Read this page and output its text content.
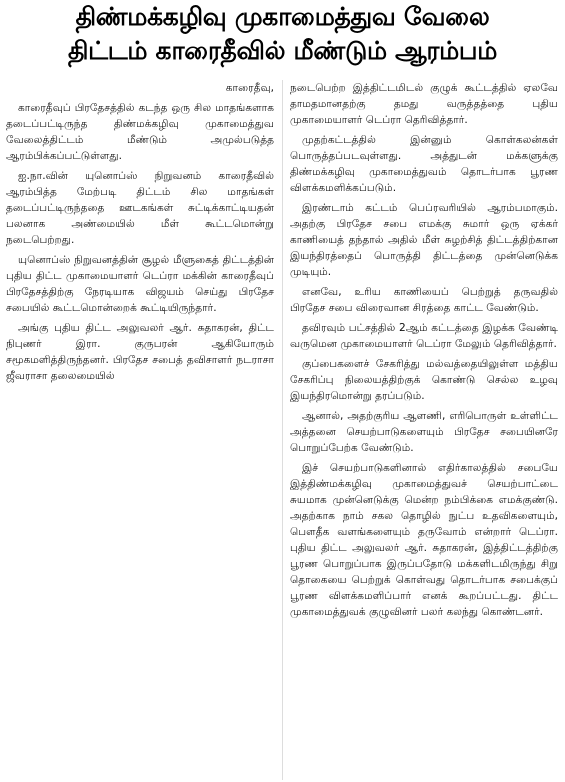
திண்மக்கழிவு முகாமைத்துவ வேலை
திட்டம் காரைதீவில் மீண்டும் ஆரம்பம்

காரைதீவு,

காரைதீவுப் பிரதேசத்தில் கடந்த ஒரு சில மாதங்களாக தடைப்பட்டிருந்த திண்மக்கழிவு முகாமைத்துவ வேலைத்திட்டம் மீண்டும் அமுல்படுத்த ஆரம்பிக்கப்பட்டுள்ளது.

ஐ.நா.வின் யுனொப்ஸ் நிறுவனம் காரைதீவில் ஆரம்பித்த மேற்படி திட்டம் சில மாதங்கள் தடைப்பட்டிருந்ததை ஊடகங்கள் சுட்டிக்காட்டியதன் பலனாக அண்மையில் மீள் கூட்டமொன்று நடைபெற்றது.

யுனொப்ஸ் நிறுவனத்தின் சூழல் மீளுகைத் திட்டத்தின் புதிய திட்ட முகாமையாளர் டெப்ரா மக்கின் காரைதீவுப் பிரதேசத்திற்கு நேரடியாக விஜயம் செய்து பிரதேச சபையில் கூட்டமொன்றைக் கூட்டியிருந்தார்.

அங்கு புதிய திட்ட அலுவலர் ஆர். சுதாகரன், திட்ட நிபுணர் இரா. குருபரன் ஆகியோரும் சமூகமளித்திருந்தனர். பிரதேச சபைத் தவிசாளர் நடராசா ஜீவராசா தலைமையில்

நடைபெற்ற இத்திட்டமிடல் குழுக் கூட்டத்தில் ஏலவே தாமதமானதற்கு தமது வருத்தத்தை புதிய முகாமையாளர் டெப்ரா தெரிவித்தார்.

முதற்கட்டத்தில் இன்னும் கொள்கலன்கள் பொருத்தப்படவுள்ளது. அத்துடன் மக்களுக்கு திண்மக்கழிவு முகாமைத்துவம் தொடர்பாக பூரண விளக்கமளிக்கப்படும்.

இரண்டாம் கட்டம் பெப்ரவரியில் ஆரம்பமாகும். அதற்கு பிரதேச சபை எமக்கு சுமார் ஒரு ஏக்கர் காணியைத் தந்தால் அதில் மீள் சுழற்சித் திட்டத்திற்கான இயந்திரத்தைப் பொருத்தி திட்டத்தை முன்னெடுக்க முடியும்.

எனவே, உரிய காணியைப் பெற்றுத் தருவதில் பிரதேச சபை விரைவான சிரத்தை காட்ட வேண்டும்.

தவிரவும் பட்சத்தில் 2ஆம் கட்டத்தை இழக்க வேண்டி வருமென முகாமையாளர் டெப்ரா மேலும் தெரிவித்தார்.

குப்பைகளைச் சேகரித்து மல்வத்தையிலுள்ள மத்திய சேகரிப்பு நிலையத்திற்குக் கொண்டு செல்ல உழவு இயந்திரமொன்று தரப்படும்.

ஆனால், அதற்குரிய ஆளணி, எரிபொருள் உள்ளிட்ட அத்தனை செயற்பாடுகளையும் பிரதேச சபையினரே பொறுப்பேற்க வேண்டும்.

இச் செயற்பாடுகளினால் எதிர்காலத்தில் சபையே இத்திண்மக்கழிவு முகாமைத்துவச் செயற்பாட்டை சுயமாக முன்னெடுக்கு மென்ற நம்பிக்கை எமக்குண்டு. அதற்காக நாம் சகல தொழில் நுட்ப உதவிகளையும், பௌதீக வளங்களையும் தருவோம் என்றார் டெப்ரா. புதிய திட்ட அலுவலர் ஆர். சுதாகரன், இத்திட்டத்திற்கு பூரண பொறுப்பாக இருப்பதோடு மக்களிடமிருந்து சிறு தொகையை பெற்றுக் கொள்வது தொடர்பாக சபைக்குப் பூரண விளக்கமளிப்பார் எனக் கூறப்பட்டது. திட்ட முகாமைத்துவக் குழுவினர் பலர் கலந்து கொண்டனர்.
